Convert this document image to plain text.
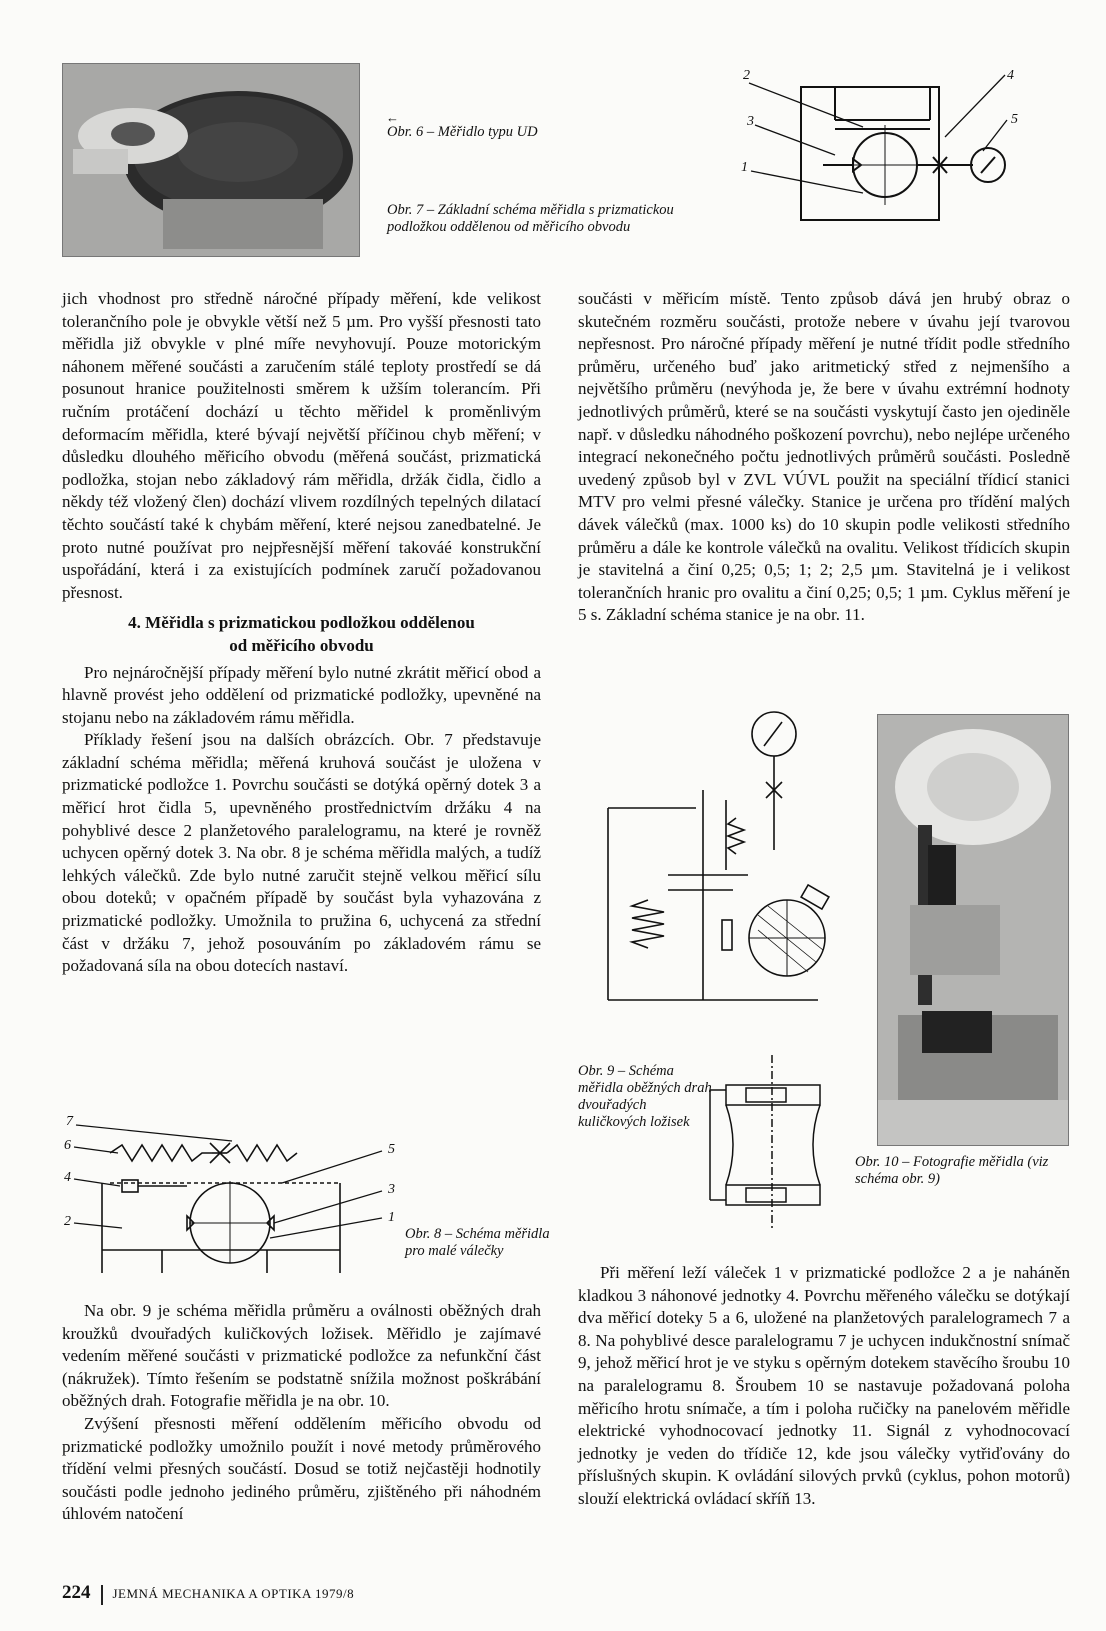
←
Obr. 6 – Měřidlo typu UD
Obr. 7 – Základní schéma měřidla s prizmatickou podložkou oddělenou od měřicího obvodu
2
3
1
4
5

jich vhodnost pro středně náročné případy měření, kde velikost tolerančního pole je obvykle větší než 5 µm. Pro vyšší přesnosti tato měřidla již obvykle v plné míře nevyhovují. Pouze motorickým náhonem měřené součásti a zaručením stálé teploty prostředí se dá posunout hranice použitelnosti směrem k užším tolerancím. Při ručním protáčení dochází u těchto měřidel k proměnlivým deformacím měřidla, které bývají největší příčinou chyb měření; v důsledku dlouhého měřicího obvodu (měřená součást, prizmatická podložka, stojan nebo základový rám měřidla, držák čidla, čidlo a někdy též vložený člen) dochází vlivem rozdílných tepelných dilatací těchto součástí také k chybám měření, které nejsou zanedbatelné. Je proto nutné používat pro nejpřesnější měření takováé konstrukční uspořádání, která i za existujících podmínek zaručí požadovanou přesnost.

4. Měřidla s prizmatickou podložkou oddělenou
od měřicího obvodu

Pro nejnáročnější případy měření bylo nutné zkrátit měřicí obod a hlavně provést jeho oddělení od prizmatické podložky, upevněné na stojanu nebo na základovém rámu měřidla.

Příklady řešení jsou na dalších obrázcích. Obr. 7 představuje základní schéma měřidla; měřená kruhová součást je uložena v prizmatické podložce 1. Povrchu součásti se dotýká opěrný dotek 3 a měřicí hrot čidla 5, upevněného prostřednictvím držáku 4 na pohyblivé desce 2 planžetového paralelogramu, na které je rovněž uchycen opěrný dotek 3. Na obr. 8 je schéma měřidla malých, a tudíž lehkých válečků. Zde bylo nutné zaručit stejně velkou měřicí sílu obou doteků; v opačném případě by součást byla vyhazována z prizmatické podložky. Umožnila to pružina 6, uchycená za střední část v držáku 7, jehož posouváním po základovém rámu se požadovaná síla na obou dotecích nastaví.

7
6
4
2
5
3
1
Obr. 8 – Schéma měřidla pro malé válečky

Na obr. 9 je schéma měřidla průměru a oválnosti oběžných drah kroužků dvouřadých kuličkových ložisek. Měřidlo je zajímavé vedením měřené součásti v prizmatické podložce za nefunkční část (nákružek). Tímto řešením se podstatně snížila možnost poškrábání oběžných drah. Fotografie měřidla je na obr. 10.

Zvýšení přesnosti měření oddělením měřicího obvodu od prizmatické podložky umožnilo použít i nové metody průměrového třídění velmi přesných součástí. Dosud se totiž nejčastěji hodnotily součásti podle jednoho jediného průměru, zjištěného při náhodném úhlovém natočení

součásti v měřicím místě. Tento způsob dává jen hrubý obraz o skutečném rozměru součásti, protože nebere v úvahu její tvarovou nepřesnost. Pro náročné případy měření je nutné třídit podle středního průměru, určeného buď jako aritmetický střed z nejmenšího a největšího průměru (nevýhoda je, že bere v úvahu extrémní hodnoty jednotlivých průměrů, které se na součásti vyskytují často jen ojediněle např. v důsledku náhodného poškození povrchu), nebo nejlépe určeného integrací nekonečného počtu jednotlivých průměrů součásti. Posledně uvedený způsob byl v ZVL VÚVL použit na speciální třídicí stanici MTV pro velmi přesné válečky. Stanice je určena pro třídění malých dávek válečků (max. 1000 ks) do 10 skupin podle velikosti středního průměru a dále ke kontrole válečků na ovalitu. Velikost třídicích skupin je stavitelná a činí 0,25; 0,5; 1; 2; 2,5 µm. Stavitelná je i velikost tolerančních hranic pro ovalitu a činí 0,25; 0,5; 1 µm. Cyklus měření je 5 s. Základní schéma stanice je na obr. 11.

Obr. 9 – Schéma měřidla oběžných drah dvouřadých kuličkových ložisek
Obr. 10 – Fotografie měřidla (viz schéma obr. 9)

Při měření leží váleček 1 v prizmatické podložce 2 a je naháněn kladkou 3 náhonové jednotky 4. Povrchu měřeného válečku se dotýkají dva měřicí doteky 5 a 6, uložené na planžetových paralelogramech 7 a 8. Na pohyblivé desce paralelogramu 7 je uchycen indukčnostní snímač 9, jehož měřicí hrot je ve styku s opěrným dotekem stavěcího šroubu 10 na paralelogramu 8. Šroubem 10 se nastavuje požadovaná poloha měřicího hrotu snímače, a tím i poloha ručičky na panelovém měřidle elektrické vyhodnocovací jednotky 11. Signál z vyhodnocovací jednotky je veden do třídiče 12, kde jsou válečky vytřiďovány do příslušných skupin. K ovládání silových prvků (cyklus, pohon motorů) slouží elektrická ovládací skříň 13.

224 JEMNÁ MECHANIKA A OPTIKA 1979/8
